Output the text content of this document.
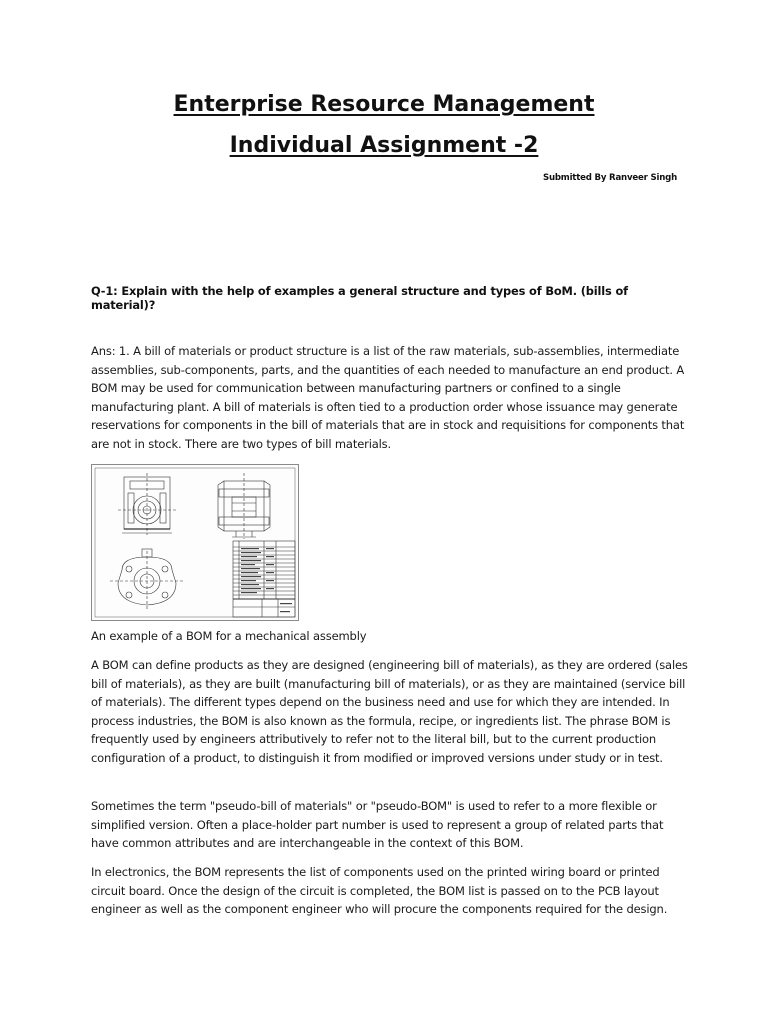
Enterprise Resource Management
Individual Assignment -2
Submitted By Ranveer Singh
Q-1: Explain with the help of examples a general structure and types of BoM. (bills of material)?

Ans: 1. A bill of materials or product structure is a list of the raw materials, sub-assemblies, intermediate assemblies, sub-components, parts, and the quantities of each needed to manufacture an end product. A BOM may be used for communication between manufacturing partners or confined to a single manufacturing plant. A bill of materials is often tied to a production order whose issuance may generate reservations for components in the bill of materials that are in stock and requisitions for components that are not in stock. There are two types of bill materials.

An example of a BOM for a mechanical assembly

A BOM can define products as they are designed (engineering bill of materials), as they are ordered (sales bill of materials), as they are built (manufacturing bill of materials), or as they are maintained (service bill of materials). The different types depend on the business need and use for which they are intended. In process industries, the BOM is also known as the formula, recipe, or ingredients list. The phrase BOM is frequently used by engineers attributively to refer not to the literal bill, but to the current production configuration of a product, to distinguish it from modified or improved versions under study or in test.

Sometimes the term "pseudo-bill of materials" or "pseudo-BOM" is used to refer to a more flexible or simplified version. Often a place-holder part number is used to represent a group of related parts that have common attributes and are interchangeable in the context of this BOM.

In electronics, the BOM represents the list of components used on the printed wiring board or printed circuit board. Once the design of the circuit is completed, the BOM list is passed on to the PCB layout engineer as well as the component engineer who will procure the components required for the design.
